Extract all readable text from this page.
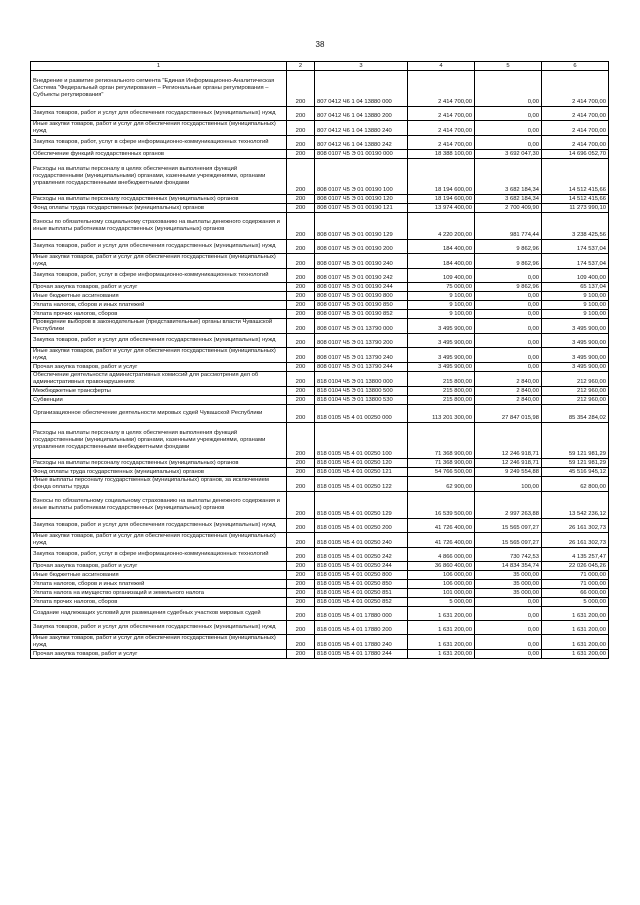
38
1	2	3	4	5	6
Внедрение и развитие регионального сегмента "Единая Информационно-Аналитическая Система "Федеральный орган регулирования – Региональные органы регулирования – Субъекты регулирования"	200	807 0412 Ч6 1 04 13880 000	2 414 700,00	0,00	2 414 700,00
Закупка товаров, работ и услуг для обеспечения государственных (муниципальных) нужд	200	807 0412 Ч6 1 04 13880 200	2 414 700,00	0,00	2 414 700,00
Иные закупки товаров, работ и услуг для обеспечения государственных (муниципальных) нужд	200	807 0412 Ч6 1 04 13880 240	2 414 700,00	0,00	2 414 700,00
Закупка товаров, работ, услуг в сфере информационно-коммуникационных технологий	200	807 0412 Ч6 1 04 13880 242	2 414 700,00	0,00	2 414 700,00
Обеспечение функций государственных органов	200	808 0107 Ч5 Э 01 00190 000	18 388 100,00	3 692 047,30	14 696 052,70
Расходы на выплаты персоналу в целях обеспечения выполнения функций государственными (муниципальными) органами, казенными учреждениями, органами управления государственными внебюджетными фондами	200	808 0107 Ч5 Э 01 00190 100	18 194 600,00	3 682 184,34	14 512 415,66
Расходы на выплаты персоналу государственных (муниципальных) органов	200	808 0107 Ч5 Э 01 00190 120	18 194 600,00	3 682 184,34	14 512 415,66
Фонд оплаты труда государственных (муниципальных) органов	200	808 0107 Ч5 Э 01 00190 121	13 974 400,00	2 700 409,90	11 273 990,10
Взносы по обязательному социальному страхованию на выплаты денежного содержания и иные выплаты работникам государственных (муниципальных) органов	200	808 0107 Ч5 Э 01 00190 129	4 220 200,00	981 774,44	3 238 425,56
Закупка товаров, работ и услуг для обеспечения государственных (муниципальных) нужд	200	808 0107 Ч5 Э 01 00190 200	184 400,00	9 862,96	174 537,04
Иные закупки товаров, работ и услуг для обеспечения государственных (муниципальных) нужд	200	808 0107 Ч5 Э 01 00190 240	184 400,00	9 862,96	174 537,04
Закупка товаров, работ, услуг в сфере информационно-коммуникационных технологий	200	808 0107 Ч5 Э 01 00190 242	109 400,00	0,00	109 400,00
Прочая закупка товаров, работ и услуг	200	808 0107 Ч5 Э 01 00190 244	75 000,00	9 862,96	65 137,04
Иные бюджетные ассигнования	200	808 0107 Ч5 Э 01 00190 800	9 100,00	0,00	9 100,00
Уплата налогов, сборов и иных платежей	200	808 0107 Ч5 Э 01 00190 850	9 100,00	0,00	9 100,00
Уплата прочих налогов, сборов	200	808 0107 Ч5 Э 01 00190 852	9 100,00	0,00	9 100,00
Проведение выборов в законодательные (представительные) органы власти Чувашской Республики	200	808 0107 Ч5 Э 01 13790 000	3 495 900,00	0,00	3 495 900,00
Закупка товаров, работ и услуг для обеспечения государственных (муниципальных) нужд	200	808 0107 Ч5 Э 01 13790 200	3 495 900,00	0,00	3 495 900,00
Иные закупки товаров, работ и услуг для обеспечения государственных (муниципальных) нужд	200	808 0107 Ч5 Э 01 13790 240	3 495 900,00	0,00	3 495 900,00
Прочая закупка товаров, работ и услуг	200	808 0107 Ч5 Э 01 13790 244	3 495 900,00	0,00	3 495 900,00
Обеспечение деятельности административных комиссий для рассмотрения дел об административных правонарушениях	200	818 0104 Ч5 Э 01 13800 000	215 800,00	2 840,00	212 960,00
Межбюджетные трансферты	200	818 0104 Ч5 Э 01 13800 500	215 800,00	2 840,00	212 960,00
Субвенции	200	818 0104 Ч5 Э 01 13800 530	215 800,00	2 840,00	212 960,00
Организационное обеспечение деятельности мировых судей Чувашской Республики	200	818 0105 Ч5 4 01 00250 000	113 201 300,00	27 847 015,98	85 354 284,02
Расходы на выплаты персоналу в целях обеспечения выполнения функций государственными (муниципальными) органами, казенными учреждениями, органами управления государственными внебюджетными фондами	200	818 0105 Ч5 4 01 00250 100	71 368 900,00	12 246 918,71	59 121 981,29
Расходы на выплаты персоналу государственных (муниципальных) органов	200	818 0105 Ч5 4 01 00250 120	71 368 900,00	12 246 918,71	59 121 981,29
Фонд оплаты труда государственных (муниципальных) органов	200	818 0105 Ч5 4 01 00250 121	54 766 500,00	9 249 554,88	45 516 945,12
Иные выплаты персоналу государственных (муниципальных) органов, за исключением фонда оплаты труда	200	818 0105 Ч5 4 01 00250 122	62 900,00	100,00	62 800,00
Взносы по обязательному социальному страхованию на выплаты денежного содержания и иные выплаты работникам государственных (муниципальных) органов	200	818 0105 Ч5 4 01 00250 129	16 539 500,00	2 997 263,88	13 542 236,12
Закупка товаров, работ и услуг для обеспечения государственных (муниципальных) нужд	200	818 0105 Ч5 4 01 00250 200	41 726 400,00	15 565 097,27	26 161 302,73
Иные закупки товаров, работ и услуг для обеспечения государственных (муниципальных) нужд	200	818 0105 Ч5 4 01 00250 240	41 726 400,00	15 565 097,27	26 161 302,73
Закупка товаров, работ, услуг в сфере информационно-коммуникационных технологий	200	818 0105 Ч5 4 01 00250 242	4 866 000,00	730 742,53	4 135 257,47
Прочая закупка товаров, работ и услуг	200	818 0105 Ч5 4 01 00250 244	36 860 400,00	14 834 354,74	22 026 045,26
Иные бюджетные ассигнования	200	818 0105 Ч5 4 01 00250 800	106 000,00	35 000,00	71 000,00
Уплата налогов, сборов и иных платежей	200	818 0105 Ч5 4 01 00250 850	106 000,00	35 000,00	71 000,00
Уплата налога на имущество организаций и земельного налога	200	818 0105 Ч5 4 01 00250 851	101 000,00	35 000,00	66 000,00
Уплата прочих налогов, сборов	200	818 0105 Ч5 4 01 00250 852	5 000,00	0,00	5 000,00
Создание надлежащих условий для размещения судебных участков мировых судей	200	818 0105 Ч5 4 01 17880 000	1 631 200,00	0,00	1 631 200,00
Закупка товаров, работ и услуг для обеспечения государственных (муниципальных) нужд	200	818 0105 Ч5 4 01 17880 200	1 631 200,00	0,00	1 631 200,00
Иные закупки товаров, работ и услуг для обеспечения государственных (муниципальных) нужд	200	818 0105 Ч5 4 01 17880 240	1 631 200,00	0,00	1 631 200,00
Прочая закупка товаров, работ и услуг	200	818 0105 Ч5 4 01 17880 244	1 631 200,00	0,00	1 631 200,00
